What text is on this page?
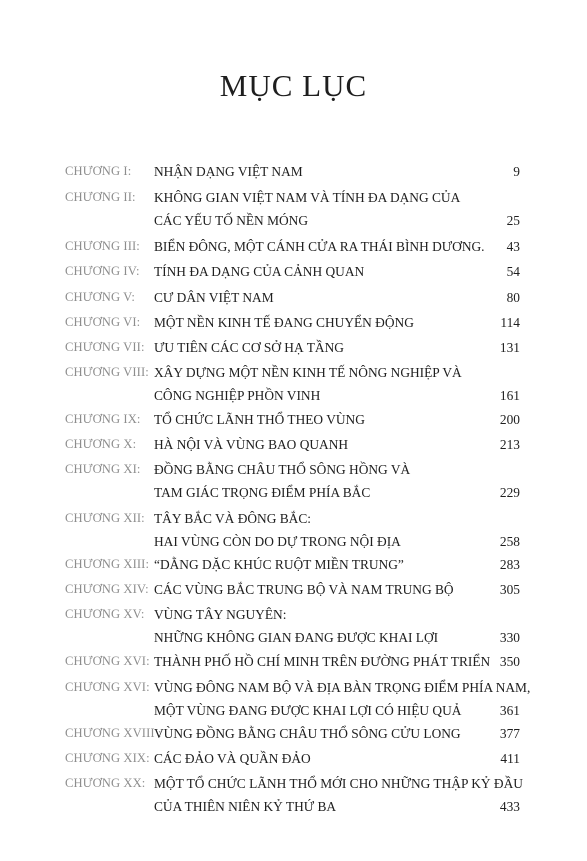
MỤC LỤC
CHƯƠNG I: NHẬN DẠNG VIỆT NAM	9
CHƯƠNG II: KHÔNG GIAN VIỆT NAM VÀ TÍNH ĐA DẠNG CỦA
CÁC YẾU TỐ NỀN MÓNG	25
CHƯƠNG III: BIỂN ĐÔNG, MỘT CÁNH CỬA RA THÁI BÌNH DƯƠNG. 43
CHƯƠNG IV: TÍNH ĐA DẠNG CỦA CẢNH QUAN	54
CHƯƠNG V: CƯ DÂN VIỆT NAM	80
CHƯƠNG VI: MỘT NỀN KINH TẾ ĐANG CHUYỂN ĐỘNG	114
CHƯƠNG VII: ƯU TIÊN CÁC CƠ SỞ HẠ TẦNG	131
CHƯƠNG VIII: XÂY DỰNG MỘT NỀN KINH TẾ NÔNG NGHIỆP VÀ
CÔNG NGHIỆP PHỒN VINH	161
CHƯƠNG IX: TỔ CHỨC LÃNH THỔ THEO VÙNG	200
CHƯƠNG X: HÀ NỘI VÀ VÙNG BAO QUANH	213
CHƯƠNG XI: ĐỒNG BẰNG CHÂU THỔ SÔNG HỒNG VÀ
TAM GIÁC TRỌNG ĐIỂM PHÍA BẮC	229
CHƯƠNG XII: TÂY BẮC VÀ ĐÔNG BẮC:
HAI VÙNG CÒN DO DỰ TRONG NỘI ĐỊA	258
CHƯƠNG XIII: “DẰNG DẶC KHÚC RUỘT MIỀN TRUNG”	283
CHƯƠNG XIV: CÁC VÙNG BẮC TRUNG BỘ VÀ NAM TRUNG BỘ	305
CHƯƠNG XV: VÙNG TÂY NGUYÊN:
NHỮNG KHÔNG GIAN ĐANG ĐƯỢC KHAI LỢI	330
CHƯƠNG XVI: THÀNH PHỐ HỒ CHÍ MINH TRÊN ĐƯỜNG PHÁT TRIỂN 350
CHƯƠNG XVI: VÙNG ĐÔNG NAM BỘ VÀ ĐỊA BÀN TRỌNG ĐIỂM PHÍA NAM,
MỘT VÙNG ĐANG ĐƯỢC KHAI LỢI CÓ HIỆU QUẢ	361
CHƯƠNG XVIII :
VÙNG ĐỒNG BẰNG CHÂU THỔ SÔNG CỬU LONG	377
CHƯƠNG XIX: CÁC ĐẢO VÀ QUẦN ĐẢO	411
CHƯƠNG XX: MỘT TỔ CHỨC LÃNH THỔ MỚI CHO NHỮNG THẬP KỶ ĐẦU
CỦA THIÊN NIÊN KỶ THỨ BA	433
